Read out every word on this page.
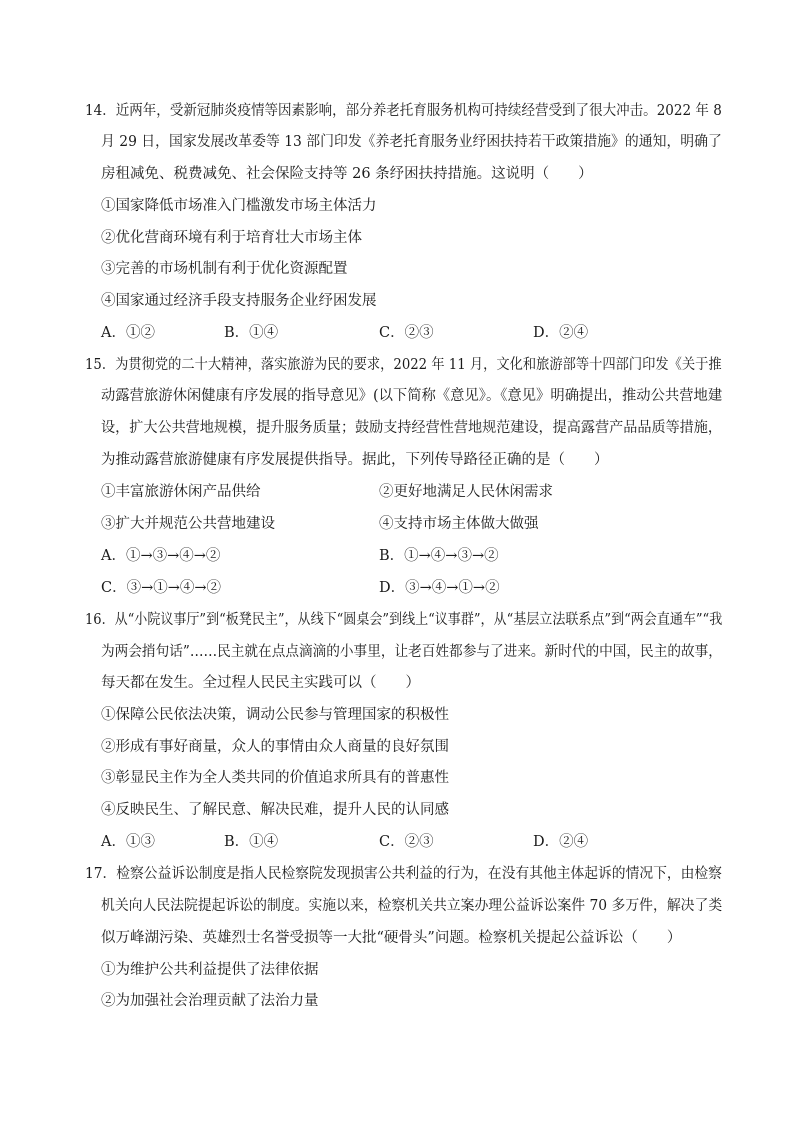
14．近两年，受新冠肺炎疫情等因素影响，部分养老托育服务机构可持续经营受到了很大冲击。2022 年 8
月 29 日，国家发展改革委等 13 部门印发《养老托育服务业纾困扶持若干政策措施》的通知，明确了
房租减免、税费减免、社会保险支持等 26 条纾困扶持措施。这说明（　　）
①国家降低市场准入门槛激发市场主体活力
②优化营商环境有利于培育壮大市场主体
③完善的市场机制有利于优化资源配置
④国家通过经济手段支持服务企业纾困发展
A．①②	B．①④	C．②③	D．②④
15．为贯彻党的二十大精神，落实旅游为民的要求，2022 年 11 月，文化和旅游部等十四部门印发《关于推
动露营旅游休闲健康有序发展的指导意见》(以下简称《意见》。《意见》明确提出，推动公共营地建
设，扩大公共营地规模，提升服务质量；鼓励支持经营性营地规范建设，提高露营产品品质等措施，
为推动露营旅游健康有序发展提供指导。据此，下列传导路径正确的是（　　）
①丰富旅游休闲产品供给	②更好地满足人民休闲需求
③扩大并规范公共营地建设	④支持市场主体做大做强
A．①→③→④→②	B．①→④→③→②
C．③→①→④→②	D．③→④→①→②
16．从“小院议事厅”到“板凳民主”，从线下“圆桌会”到线上“议事群”，从“基层立法联系点”到“两会直通车”“我
为两会捎句话”……民主就在点点滴滴的小事里，让老百姓都参与了进来。新时代的中国，民主的故事，
每天都在发生。全过程人民民主实践可以（　　）
①保障公民依法决策，调动公民参与管理国家的积极性
②形成有事好商量，众人的事情由众人商量的良好氛围
③彰显民主作为全人类共同的价值追求所具有的普惠性
④反映民生、了解民意、解决民难，提升人民的认同感
A．①③	B．①④	C．②③	D．②④
17．检察公益诉讼制度是指人民检察院发现损害公共利益的行为，在没有其他主体起诉的情况下，由检察
机关向人民法院提起诉讼的制度。实施以来，检察机关共立案办理公益诉讼案件 70 多万件，解决了类
似万峰湖污染、英雄烈士名誉受损等一大批“硬骨头”问题。检察机关提起公益诉讼（　　）
①为维护公共利益提供了法律依据
②为加强社会治理贡献了法治力量
